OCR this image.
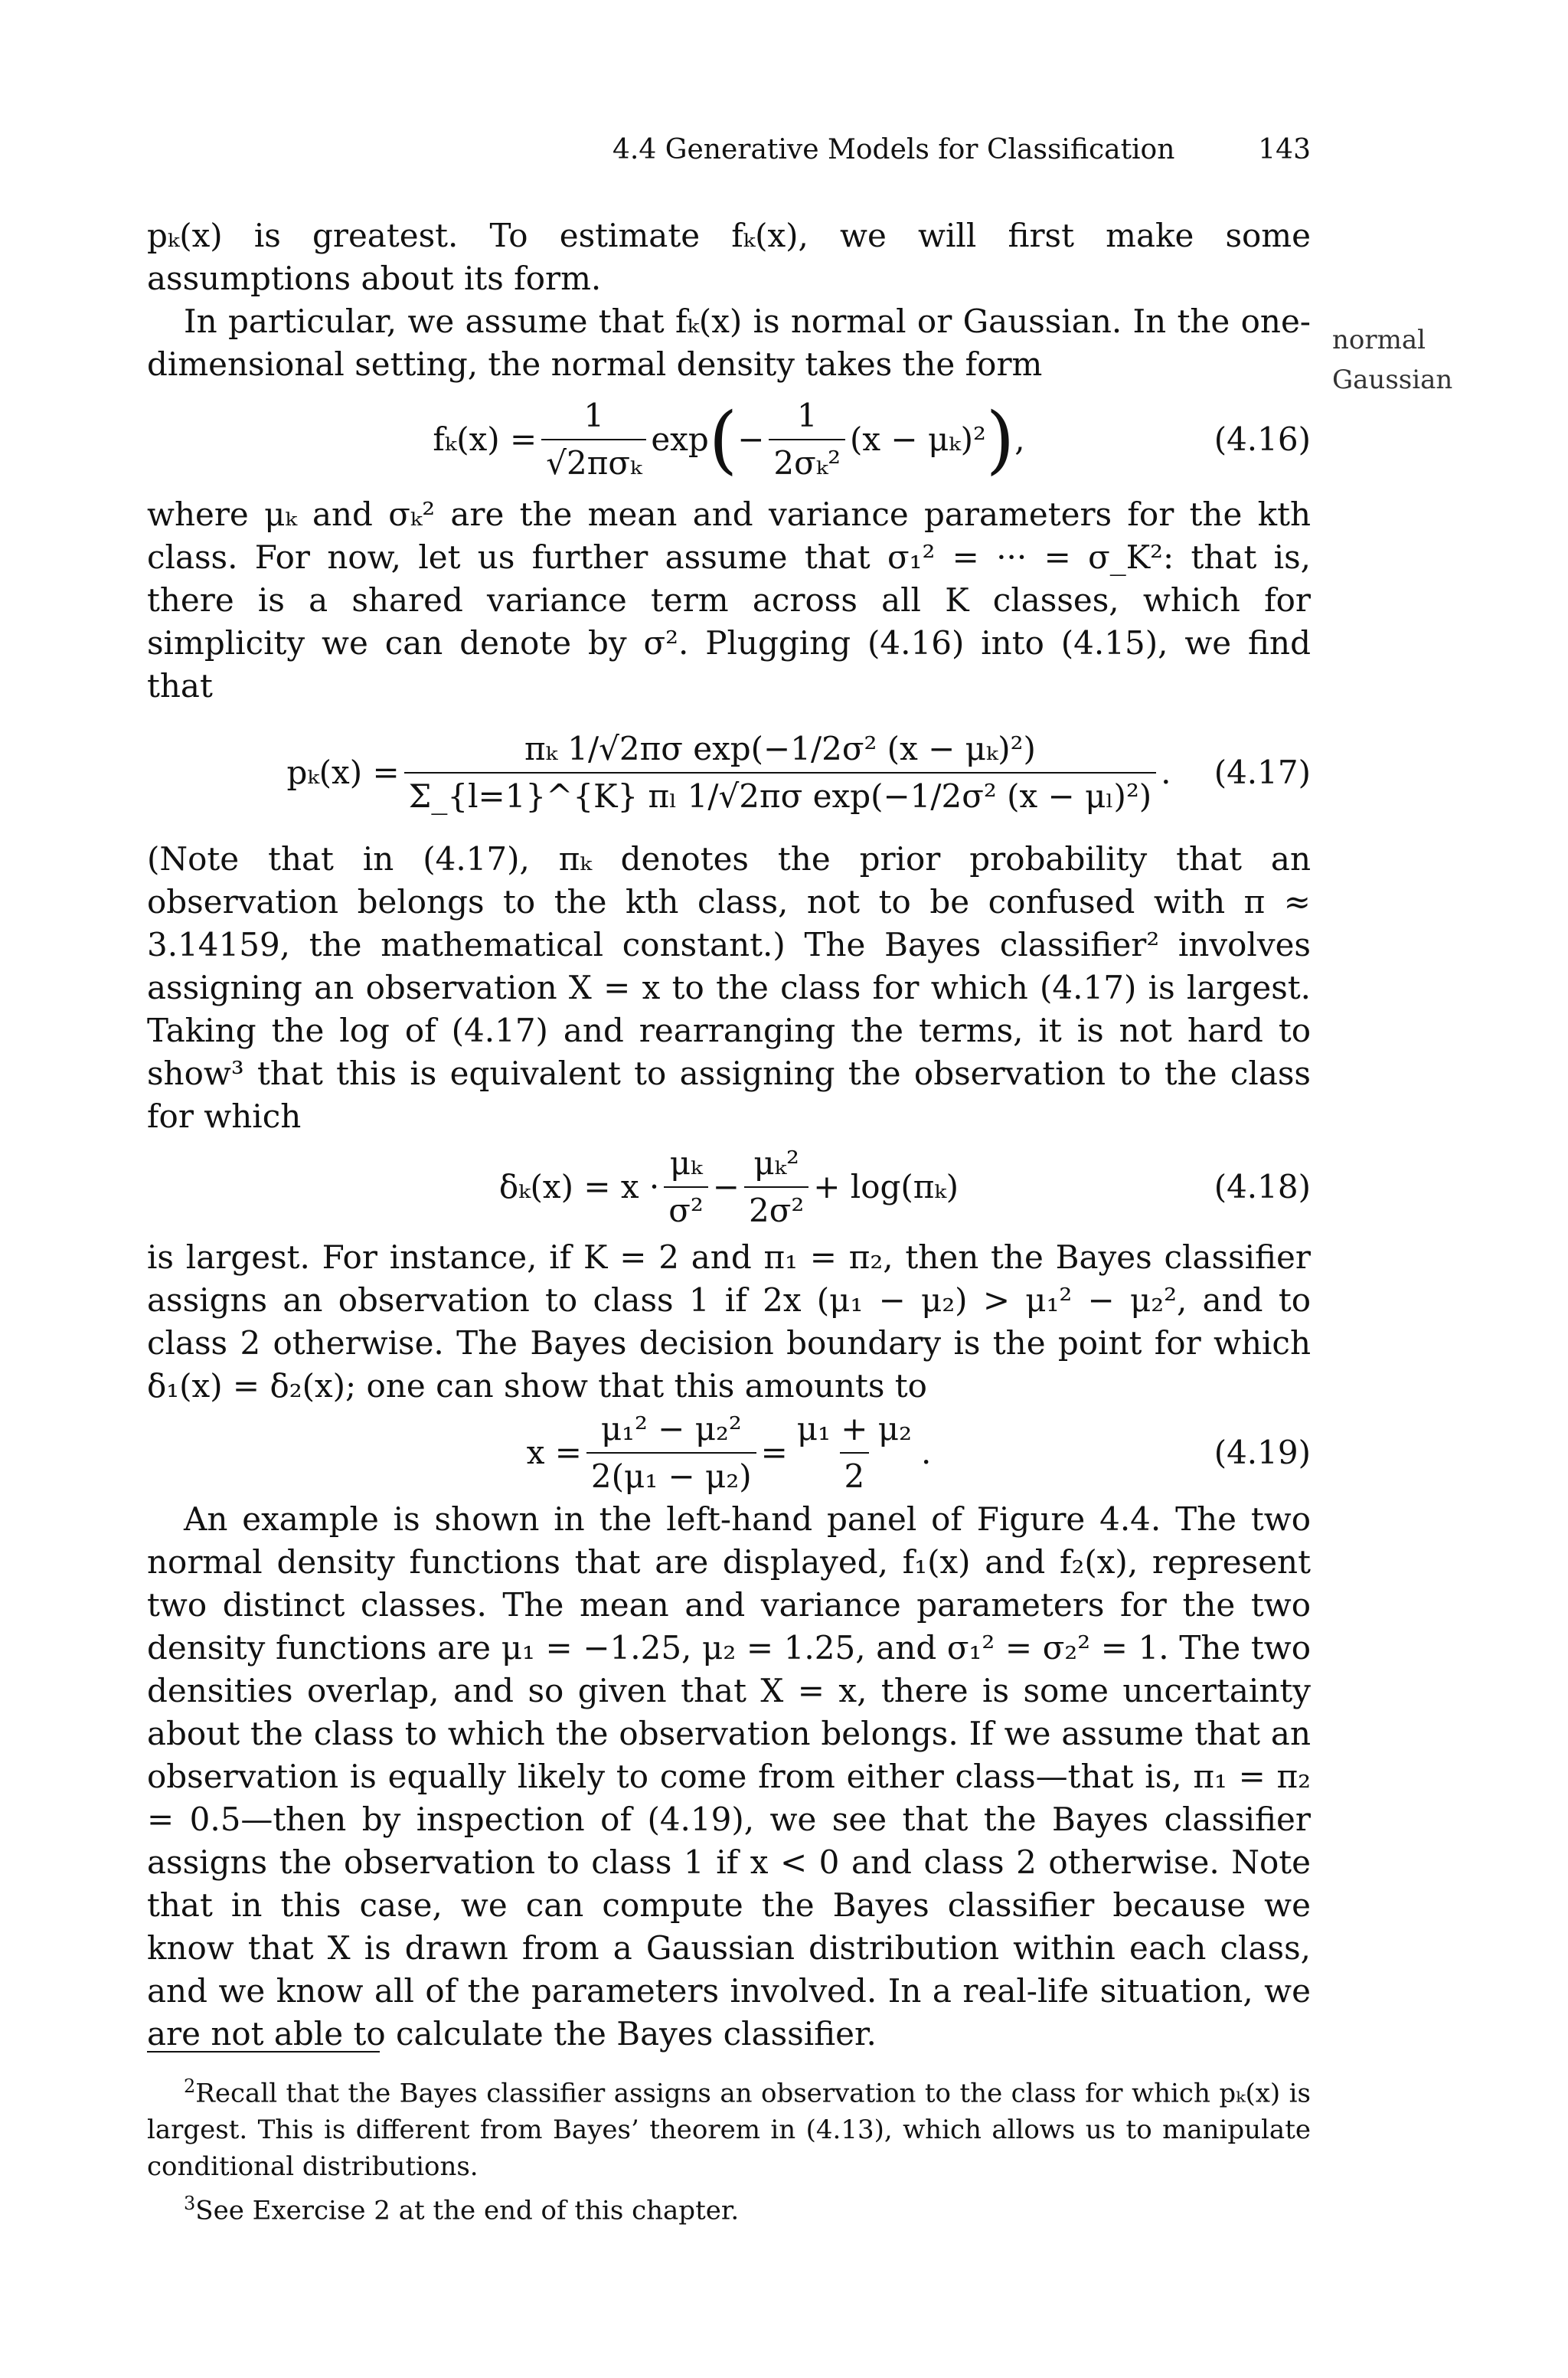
4.4 Generative Models for Classification	143
normal
Gaussian

pₖ(x) is greatest. To estimate fₖ(x), we will first make some assumptions about its form.

In particular, we assume that fₖ(x) is normal or Gaussian. In the one-dimensional setting, the normal density takes the form

$f_k(x) = \frac{1}{\text{√2πσₖ}}$ exp ( − $\frac{1}{\text{2σₖ²}} (x - \mu_k)^2$ ) ,	(4.16)

where μₖ and σₖ² are the mean and variance parameters for the kth class. For now, let us further assume that σ₁² = ··· = σ_K²: that is, there is a shared variance term across all K classes, which for simplicity we can denote by σ². Plugging (4.16) into (4.15), we find that

$p_k(x) = \frac{\text{πₖ 1/√2πσ exp(−1/2σ² (x − μₖ)²)}}{\text{Σ\_\{l=1\}\textasciicircum{}\{K\} πₗ 1/√2πσ exp(−1/2σ² (x − μₗ)²)}}$ . (4.17)

(Note that in (4.17), πₖ denotes the prior probability that an observation belongs to the kth class, not to be confused with π ≈ 3.14159, the mathematical constant.) The Bayes classifier² involves assigning an observation X = x to the class for which (4.17) is largest. Taking the log of (4.17) and rearranging the terms, it is not hard to show³ that this is equivalent to assigning the observation to the class for which

$\delta_k(x) = x \cdot \frac{\text{μₖ}}{\text{σ²}} - \frac{\text{μₖ²}}{\text{2σ²}} + \log(\pi_k)$	(4.18)

is largest. For instance, if K = 2 and π₁ = π₂, then the Bayes classifier assigns an observation to class 1 if 2x (μ₁ − μ₂) > μ₁² − μ₂², and to class 2 otherwise. The Bayes decision boundary is the point for which δ₁(x) = δ₂(x); one can show that this amounts to

$x = \frac{\text{μ₁² − μ₂²}}{\text{2(μ₁ − μ₂)}} = \frac{\text{μ₁ + μ₂}}{2}$ .	(4.19)

An example is shown in the left-hand panel of Figure 4.4. The two normal density functions that are displayed, f₁(x) and f₂(x), represent two distinct classes. The mean and variance parameters for the two density functions are μ₁ = −1.25, μ₂ = 1.25, and σ₁² = σ₂² = 1. The two densities overlap, and so given that X = x, there is some uncertainty about the class to which the observation belongs. If we assume that an observation is equally likely to come from either class—that is, π₁ = π₂ = 0.5—then by inspection of (4.19), we see that the Bayes classifier assigns the observation to class 1 if x < 0 and class 2 otherwise. Note that in this case, we can compute the Bayes classifier because we know that X is drawn from a Gaussian distribution within each class, and we know all of the parameters involved. In a real-life situation, we are not able to calculate the Bayes classifier.

$^2$Recall that the Bayes classifier assigns an observation to the class for which pₖ(x) is largest. This is different from Bayes’ theorem in (4.13), which allows us to manipulate conditional distributions.

$^3$See Exercise 2 at the end of this chapter.
